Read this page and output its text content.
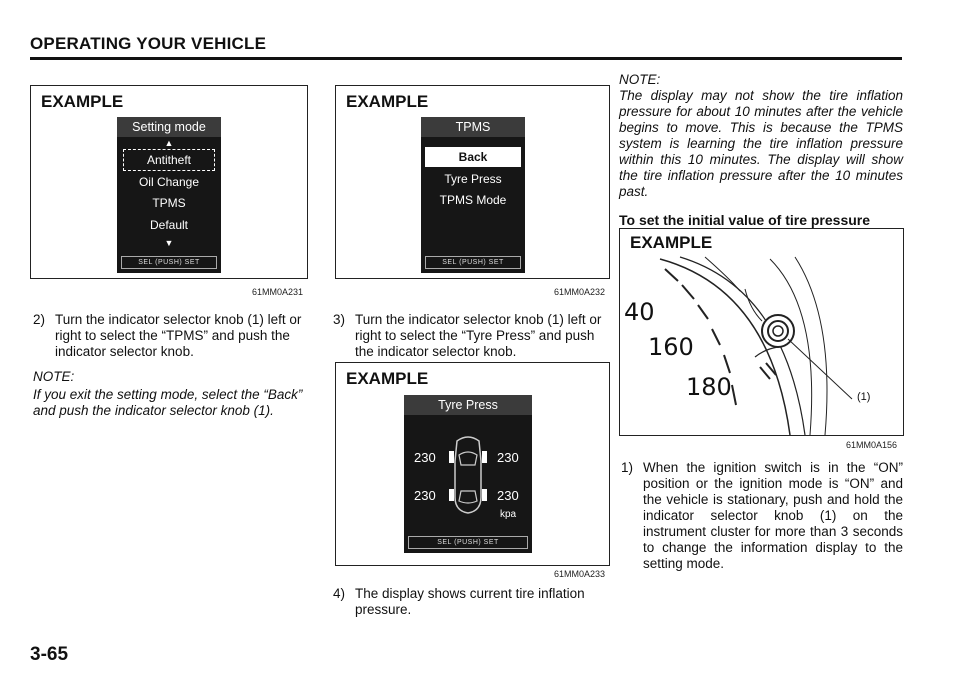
OPERATING YOUR VEHICLE
EXAMPLE
Setting mode
▲
Antitheft
Oil Change
TPMS
Default
▼
SEL (PUSH) SET
61MM0A231
2) Turn the indicator selector knob (1) left or right to select the “TPMS” and push the indicator selector knob.
NOTE:
If you exit the setting mode, select the “Back” and push the indicator selector knob (1).
EXAMPLE
TPMS
Back
Tyre Press
TPMS Mode
SEL (PUSH) SET
61MM0A232
3) Turn the indicator selector knob (1) left or right to select the “Tyre Press” and push the indicator selector knob.
EXAMPLE
Tyre Press
230	230
230	230
kpa
SEL (PUSH) SET
61MM0A233
4) The display shows current tire inflation pressure.
NOTE:
The display may not show the tire inflation pressure for about 10 minutes after the vehicle begins to move. This is because the TPMS system is learning the tire inflation pressure within this 10 minutes. The display will show the tire inflation pressure after the 10 minutes past.
To set the initial value of tire pressure
EXAMPLE
40
160
180	(1)
61MM0A156
1) When the ignition switch is in the “ON” position or the ignition mode is “ON” and the vehicle is stationary, push and hold the indicator selector knob (1) on the instrument cluster for more than 3 seconds to change the information display to the setting mode.
3-65
